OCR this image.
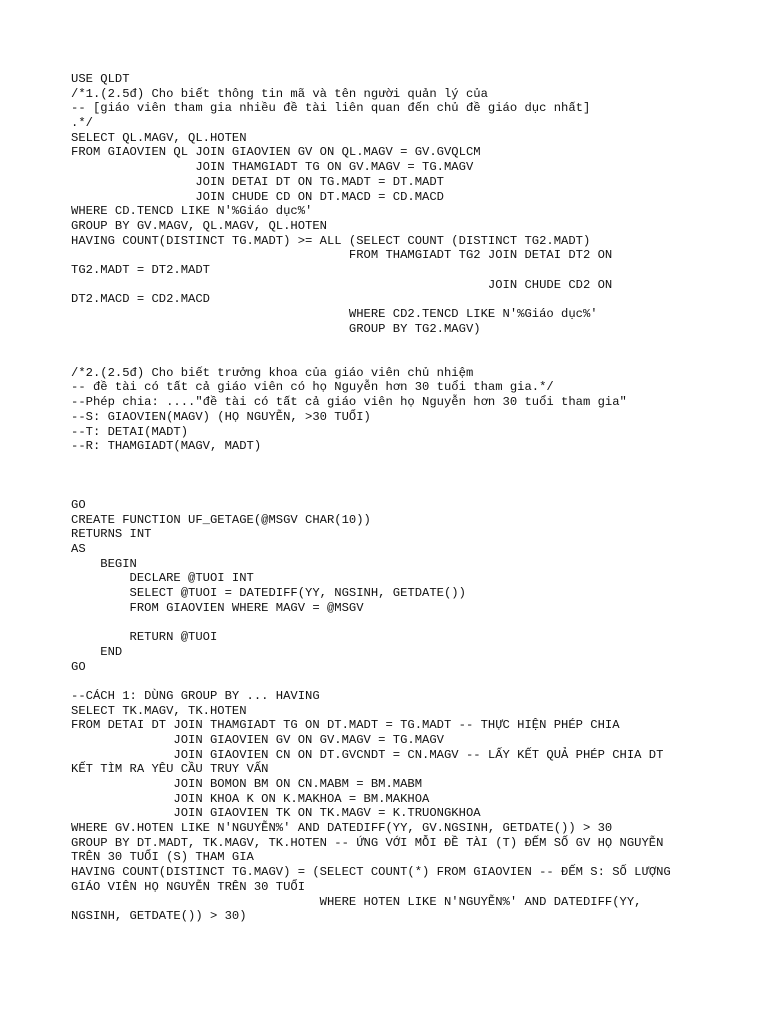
USE QLDT
/*1.(2.5đ) Cho biết thông tin mã và tên người quản lý của
-- [giáo viên tham gia nhiều đề tài liên quan đến chủ đề giáo dục nhất]
.*/
SELECT QL.MAGV, QL.HOTEN
FROM GIAOVIEN QL JOIN GIAOVIEN GV ON QL.MAGV = GV.GVQLCM
JOIN THAMGIADT TG ON GV.MAGV = TG.MAGV
JOIN DETAI DT ON TG.MADT = DT.MADT
JOIN CHUDE CD ON DT.MACD = CD.MACD
WHERE CD.TENCD LIKE N'%Giáo dục%'
GROUP BY GV.MAGV, QL.MAGV, QL.HOTEN
HAVING COUNT(DISTINCT TG.MADT) >= ALL (SELECT COUNT (DISTINCT TG2.MADT)
FROM THAMGIADT TG2 JOIN DETAI DT2 ON
TG2.MADT = DT2.MADT
JOIN CHUDE CD2 ON
DT2.MACD = CD2.MACD
WHERE CD2.TENCD LIKE N'%Giáo dục%'
GROUP BY TG2.MAGV)
/*2.(2.5đ) Cho biết trưởng khoa của giáo viên chủ nhiệm
-- đề tài có tất cả giáo viên có họ Nguyễn hơn 30 tuổi tham gia.*/
--Phép chia: ...."đề tài có tất cả giáo viên họ Nguyễn hơn 30 tuổi tham gia"
--S: GIAOVIEN(MAGV) (HỌ NGUYỄN, >30 TUỔI)
--T: DETAI(MADT)
--R: THAMGIADT(MAGV, MADT)
GO
CREATE FUNCTION UF_GETAGE(@MSGV CHAR(10))
RETURNS INT
AS
BEGIN
DECLARE @TUOI INT
SELECT @TUOI = DATEDIFF(YY, NGSINH, GETDATE())
FROM GIAOVIEN WHERE MAGV = @MSGV
RETURN @TUOI
END
GO
--CÁCH 1: DÙNG GROUP BY ... HAVING
SELECT TK.MAGV, TK.HOTEN
FROM DETAI DT JOIN THAMGIADT TG ON DT.MADT = TG.MADT -- THỰC HIỆN PHÉP CHIA
JOIN GIAOVIEN GV ON GV.MAGV = TG.MAGV
JOIN GIAOVIEN CN ON DT.GVCNDT = CN.MAGV -- LẤY KẾT QUẢ PHÉP CHIA DT
KẾT TÌM RA YÊU CẦU TRUY VẤN
JOIN BOMON BM ON CN.MABM = BM.MABM
JOIN KHOA K ON K.MAKHOA = BM.MAKHOA
JOIN GIAOVIEN TK ON TK.MAGV = K.TRUONGKHOA
WHERE GV.HOTEN LIKE N'NGUYỄN%' AND DATEDIFF(YY, GV.NGSINH, GETDATE()) > 30
GROUP BY DT.MADT, TK.MAGV, TK.HOTEN -- ỨNG VỚI MỖI ĐỀ TÀI (T) ĐẾM SỐ GV HỌ NGUYỄN
TRÊN 30 TUỔI (S) THAM GIA
HAVING COUNT(DISTINCT TG.MAGV) = (SELECT COUNT(*) FROM GIAOVIEN -- ĐẾM S: SỐ LƯỢNG
GIÁO VIÊN HỌ NGUYỄN TRÊN 30 TUỔI
WHERE HOTEN LIKE N'NGUYỄN%' AND DATEDIFF(YY,
NGSINH, GETDATE()) > 30)
